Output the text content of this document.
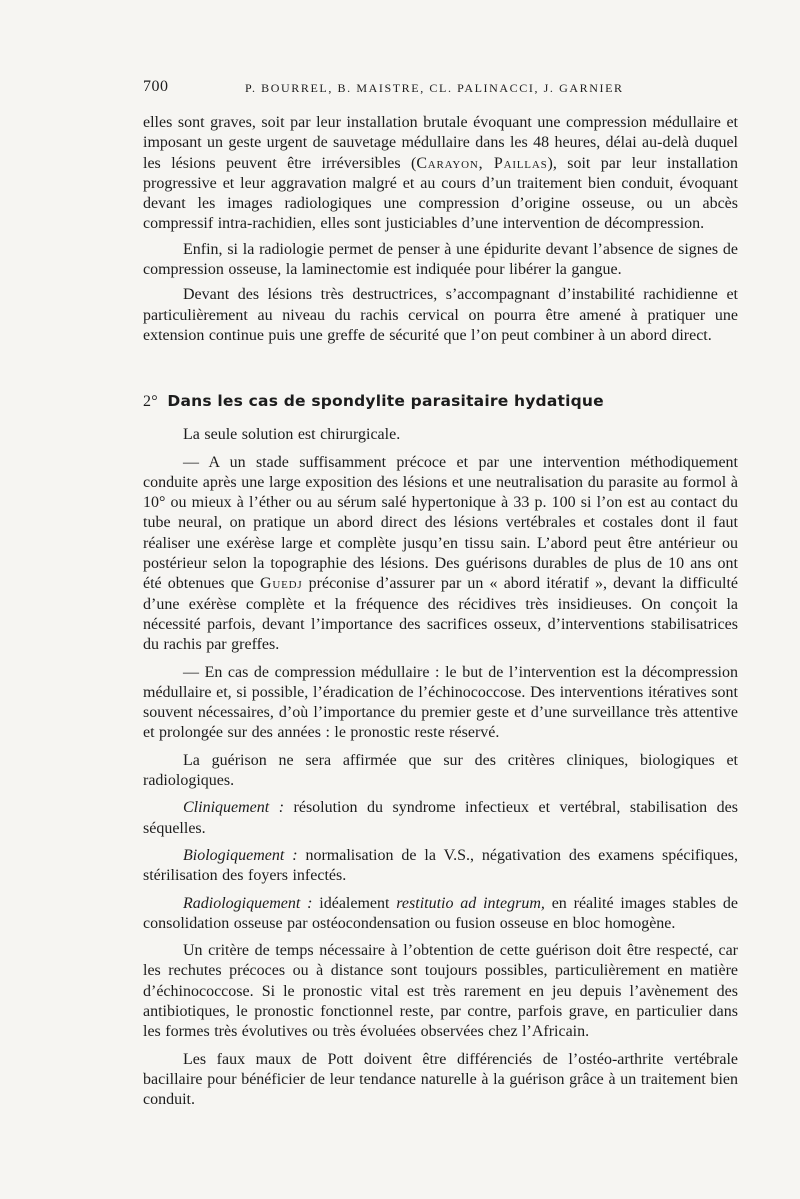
700	P. BOURREL, B. MAISTRE, CL. PALINACCI, J. GARNIER

elles sont graves, soit par leur installation brutale évoquant une compression médullaire et imposant un geste urgent de sauvetage médullaire dans les 48 heures, délai au-delà duquel les lésions peuvent être irréversibles (Carayon, Paillas), soit par leur installation progressive et leur aggravation malgré et au cours d’un traitement bien conduit, évoquant devant les images radiologiques une compression d’origine osseuse, ou un abcès compressif intra-rachidien, elles sont justiciables d’une intervention de décompression.

Enfin, si la radiologie permet de penser à une épidurite devant l’absence de signes de compression osseuse, la laminectomie est indiquée pour libérer la gangue.

Devant des lésions très destructrices, s’accompagnant d’instabilité rachidienne et particulièrement au niveau du rachis cervical on pourra être amené à pratiquer une extension continue puis une greffe de sécurité que l’on peut combiner à un abord direct.

2° Dans les cas de spondylite parasitaire hydatique

La seule solution est chirurgicale.

— A un stade suffisamment précoce et par une intervention méthodiquement conduite après une large exposition des lésions et une neutralisation du parasite au formol à 10° ou mieux à l’éther ou au sérum salé hypertonique à 33 p. 100 si l’on est au contact du tube neural, on pratique un abord direct des lésions vertébrales et costales dont il faut réaliser une exérèse large et complète jusqu’en tissu sain. L’abord peut être antérieur ou postérieur selon la topographie des lésions. Des guérisons durables de plus de 10 ans ont été obtenues que Guedj préconise d’assurer par un « abord itératif », devant la difficulté d’une exérèse complète et la fréquence des récidives très insidieuses. On conçoit la nécessité parfois, devant l’importance des sacrifices osseux, d’interventions stabilisatrices du rachis par greffes.

— En cas de compression médullaire : le but de l’intervention est la décompression médullaire et, si possible, l’éradication de l’échinococcose. Des interventions itératives sont souvent nécessaires, d’où l’importance du premier geste et d’une surveillance très attentive et prolongée sur des années : le pronostic reste réservé.

La guérison ne sera affirmée que sur des critères cliniques, biologiques et radiologiques.

Cliniquement : résolution du syndrome infectieux et vertébral, stabilisation des séquelles.

Biologiquement : normalisation de la V.S., négativation des examens spécifiques, stérilisation des foyers infectés.

Radiologiquement : idéalement restitutio ad integrum, en réalité images stables de consolidation osseuse par ostéocondensation ou fusion osseuse en bloc homogène.

Un critère de temps nécessaire à l’obtention de cette guérison doit être respecté, car les rechutes précoces ou à distance sont toujours possibles, particulièrement en matière d’échinococcose. Si le pronostic vital est très rarement en jeu depuis l’avènement des antibiotiques, le pronostic fonctionnel reste, par contre, parfois grave, en particulier dans les formes très évolutives ou très évoluées observées chez l’Africain.

Les faux maux de Pott doivent être différenciés de l’ostéo-arthrite vertébrale bacillaire pour bénéficier de leur tendance naturelle à la guérison grâce à un traitement bien conduit.
